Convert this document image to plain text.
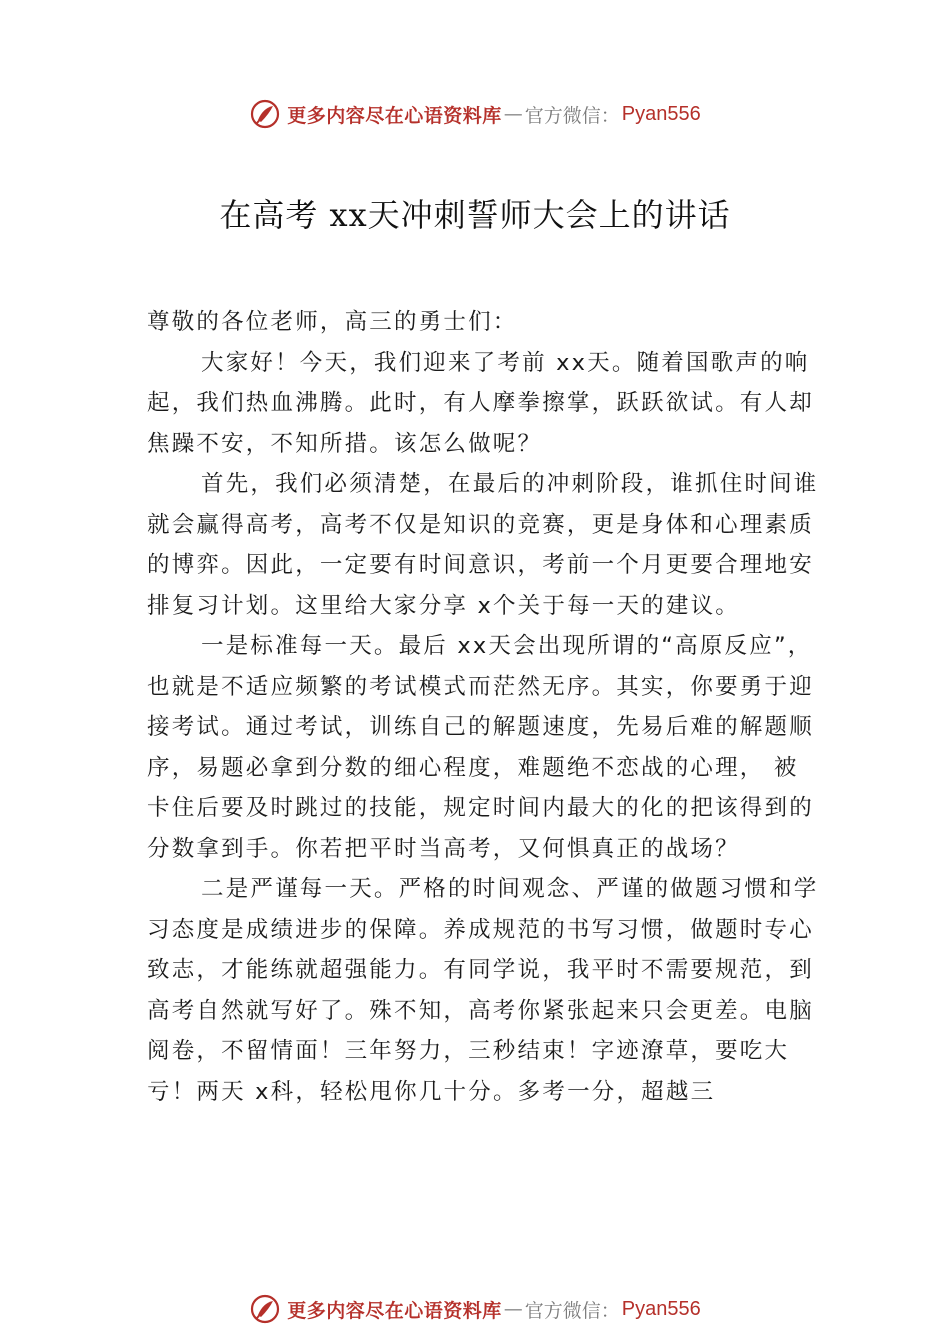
更多内容尽在心语资料库 — 官方微信： Pyan556
在高考 xx天冲刺誓师大会上的讲话

尊敬的各位老师，高三的勇士们：

大家好！今天，我们迎来了考前 xx天。随着国歌声的响起，我们热血沸腾。此时，有人摩拳擦掌，跃跃欲试。有人却焦躁不安，不知所措。该怎么做呢？

首先，我们必须清楚，在最后的冲刺阶段，谁抓住时间谁就会赢得高考，高考不仅是知识的竞赛，更是身体和心理素质的博弈。因此，一定要有时间意识，考前一个月更要合理地安排复习计划。这里给大家分享 x个关于每一天的建议。

一是标准每一天。最后 xx天会出现所谓的“高原反应”，也就是不适应频繁的考试模式而茫然无序。其实，你要勇于迎接考试。通过考试，训练自己的解题速度，先易后难的解题顺序，易题必拿到分数的细心程度，难题绝不恋战的心理， 被卡住后要及时跳过的技能，规定时间内最大的化的把该得到的分数拿到手。你若把平时当高考，又何惧真正的战场？

二是严谨每一天。严格的时间观念、严谨的做题习惯和学习态度是成绩进步的保障。养成规范的书写习惯，做题时专心致志，才能练就超强能力。有同学说，我平时不需要规范，到高考自然就写好了。殊不知，高考你紧张起来只会更差。电脑阅卷，不留情面！三年努力，三秒结束！字迹潦草，要吃大亏！两天 x科，轻松甩你几十分。多考一分，超越三

更多内容尽在心语资料库 — 官方微信： Pyan556
